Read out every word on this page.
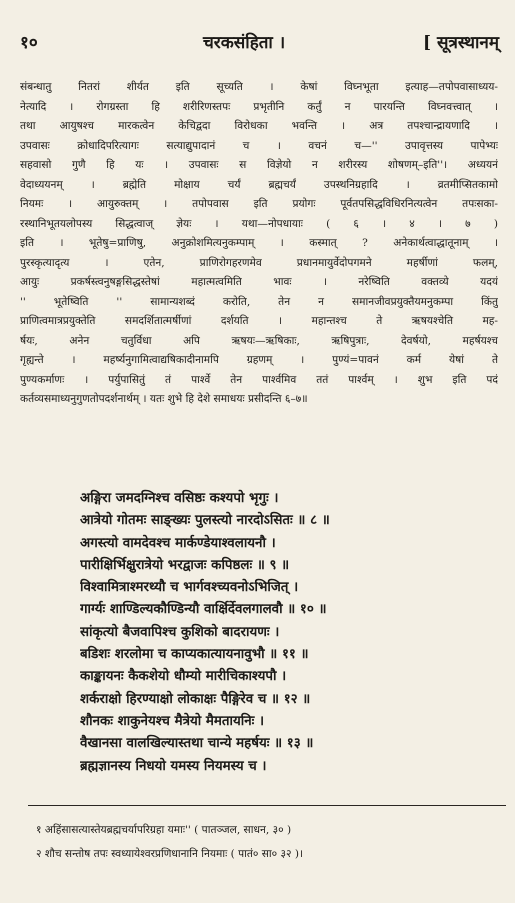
१०	चरकसंहिता ।	[ सूत्रस्थानम्
संबन्धातु नितरां शीर्यत इति सूच्यति । केषां विघ्नभूता इत्याह—तपोपवासाध्यय-
नेत्यादि । रोगग्रस्ता हि शरीरिणस्तपः प्रभृतीनि कर्तुं न पारयन्ति विघ्नवत्त्वात् ।
तथा आयुषश्च मारकत्वेन केचिद्वदा विरोधका भवन्ति । अत्र तपश्चान्द्रायणादि ।
उपवासः क्रोधादिपरित्यागः सत्याद्युपादानं च । वचनं च—'' उपावृत्तस्य पापेभ्यः
सहवासो गुणै हि यः । उपवासः स विज्ञेयो न शरीरस्य शोषणम्–इति''। अध्ययनं
वेदाध्ययनम् । ब्रह्मेति मोक्षाय चर्यं ब्रह्मचर्यं उपस्थनिग्रहादि । व्रतमीप्सितकामो
नियमः । आयुरुक्तम् । तपोपवास इति प्रयोगः पूर्वतपसिद्धविधिरनित्यत्वेन तपःसका-
रस्थानिभूतयलोपस्य सिद्धत्वाज् ज्ञेयः । यथा—नोपधायाः ( ६ । ४ । ७ )
इति । भूतेषु=प्राणिषु, अनुक्रोशमित्यनुकम्पाम् । कस्मात् ? अनेकार्थत्वाद्धातूनाम् ।
पुरस्कृत्यादृत्य । एतेन, प्राणिरोगहरणमेव प्रधानमायुर्वेदोपगमने महर्षीणां फलम्,
आयुः प्रकर्षस्त्वनुषङ्गसिद्धस्तेषां महात्मत्वमिति भावः । नरेष्विति वक्तव्ये यदयं
'' भूतेष्विति '' सामान्यशब्दं करोति, तेन न समानजीवप्रयुक्तैयमनुकम्पा किंतु
प्राणित्वमात्रप्रयुक्तेति समदर्शितात्मर्षीणां दर्शयति । महान्तश्च ते ऋषयश्चेति मह-
र्षयः, अनेन चतुर्विधा अपि ऋषयः—ऋषिकाः, ऋषिपुत्राः, देवर्षयो, महर्षयश्च
गृह्यन्ते । महर्ष्यनुगामित्वाद्यषिकादीनामपि ग्रहणम् । पुण्यं=पावनं कर्म येषां ते
पुण्यकर्माणः । पर्युपासितुं तं पार्श्वे तेन पार्श्वमिव ततं पार्श्वम् । शुभ इति पदं
कर्तव्यसमाध्यनुगुणतोपदर्शनार्थम् । यतः शुभे हि देशे समाधयः प्रसीदन्ति ६–७॥
अङ्गिरा जमदग्निश्च वसिष्ठः कश्यपो भृगुः ।
आत्रेयो गोतमः साङ्ख्यः पुलस्त्यो नारदोऽसितः ॥ ८ ॥
अगस्त्यो वामदेवश्च मार्कण्डेयाश्वलायनौ ।
पारीक्षिर्भिक्षुरात्रेयो भरद्वाजः कपिष्ठलः ॥ ९ ॥
विश्वामित्राश्मरथ्यौ च भार्गवश्च्यवनोऽभिजित् ।
गार्ग्यः शाण्डिल्यकौण्डिन्यौ वार्क्षिर्देवलगालवौ ॥ १० ॥
सांकृत्यो बैजवापिश्च कुशिको बादरायणः ।
बडिशः शरलोमा च काप्यकात्यायनावुभौ ॥ ११ ॥
काङ्कायनः कैकशेयो धौम्यो मारीचिकाश्यपौ ।
शर्कराक्षो हिरण्याक्षो लोकाक्षः पैङ्गिरेव च ॥ १२ ॥
शौनकः शाकुनेयश्च मैत्रेयो मैमतायनिः ।
वैखानसा वालखिल्यास्तथा चान्ये महर्षयः ॥ १३ ॥
ब्रह्मज्ञानस्य निधयो यमस्य नियमस्य च ।
१ अहिंसासत्यास्तेयब्रह्मचर्यापरिग्रहा यमाः'' ( पातञ्जल, साधन, ३० )
२ शौच सन्तोष तपः स्वध्यायेश्वरप्रणिधानानि नियमाः ( पातं० सा० ३२ )।
